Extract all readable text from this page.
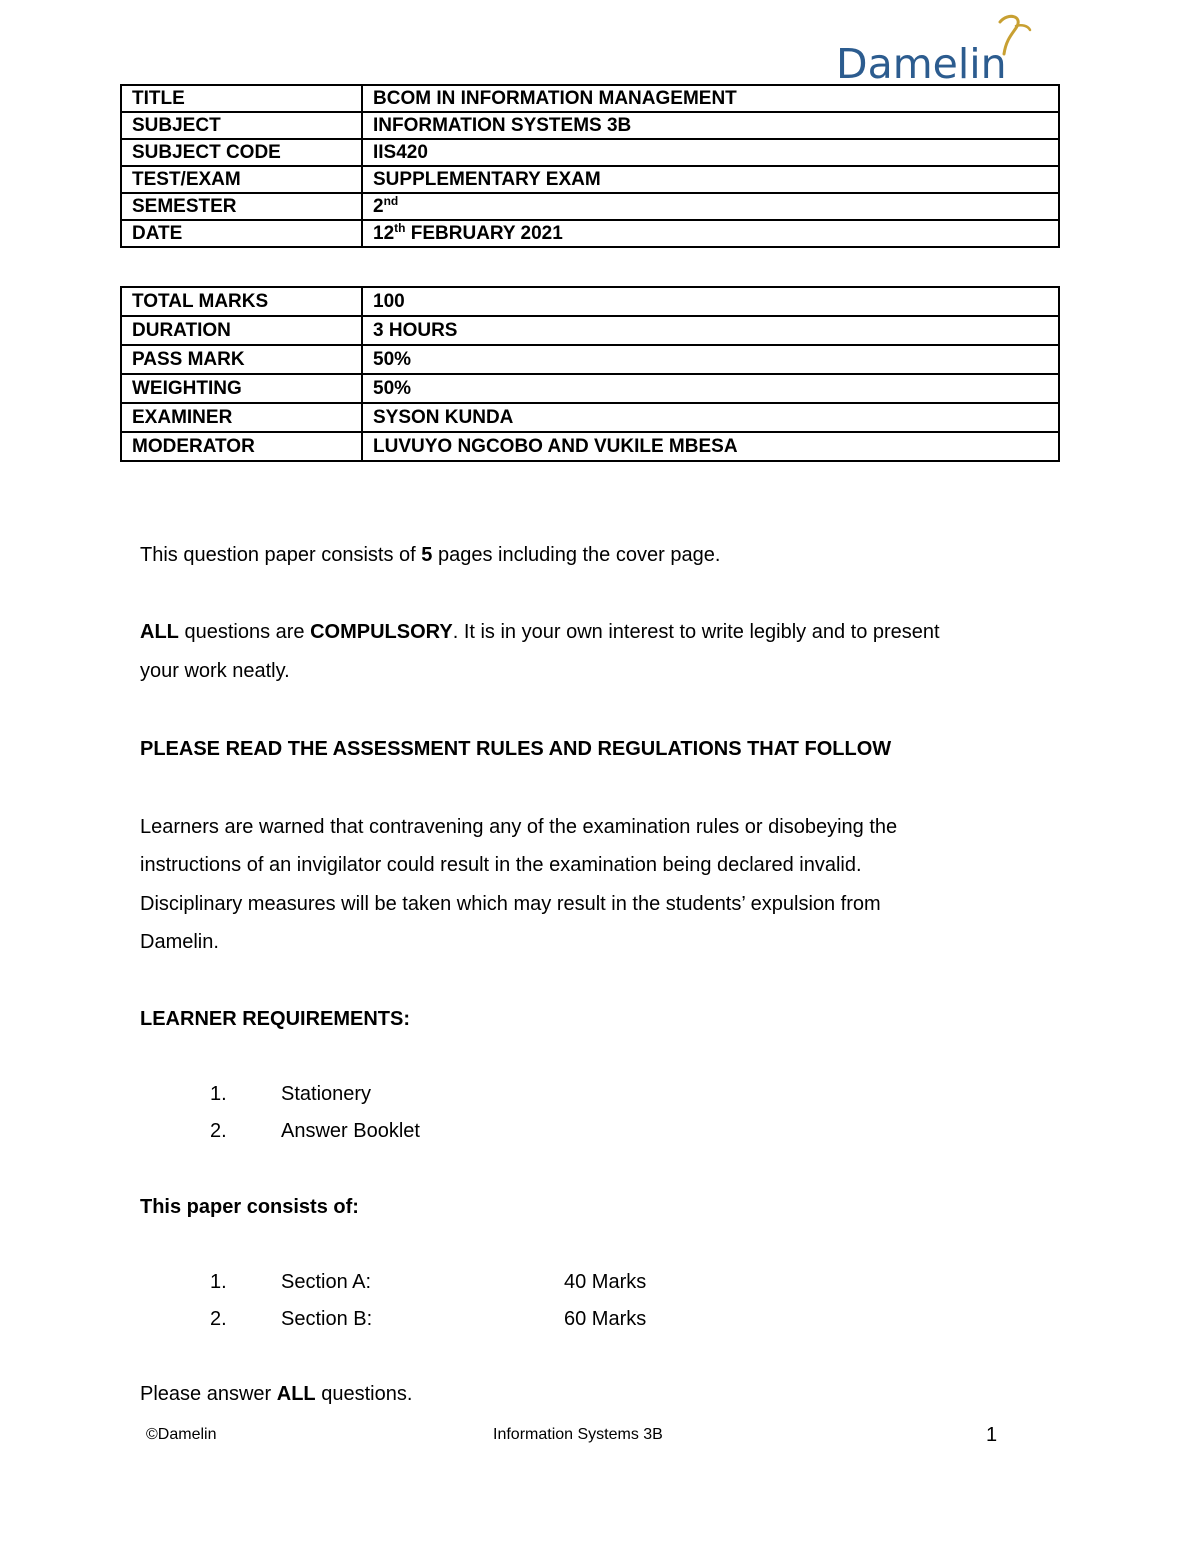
Damelin
TITLE	BCOM IN INFORMATION MANAGEMENT
SUBJECT	INFORMATION SYSTEMS 3B
SUBJECT CODE	IIS420
TEST/EXAM	SUPPLEMENTARY EXAM
SEMESTER	2nd
DATE	12th FEBRUARY 2021
TOTAL MARKS	100
DURATION	3 HOURS
PASS MARK	50%
WEIGHTING	50%
EXAMINER	SYSON KUNDA
MODERATOR	LUVUYO NGCOBO AND VUKILE MBESA
This question paper consists of 5 pages including the cover page.
ALL questions are COMPULSORY. It is in your own interest to write legibly and to present
your work neatly.
PLEASE READ THE ASSESSMENT RULES AND REGULATIONS THAT FOLLOW
Learners are warned that contravening any of the examination rules or disobeying the
instructions of an invigilator could result in the examination being declared invalid.
Disciplinary measures will be taken which may result in the students’ expulsion from
Damelin.
LEARNER REQUIREMENTS:
1.	Stationery
2.	Answer Booklet
This paper consists of:
1.	Section A:	40 Marks
2.	Section B:	60 Marks
Please answer ALL questions.
©Damelin	Information Systems 3B	1
